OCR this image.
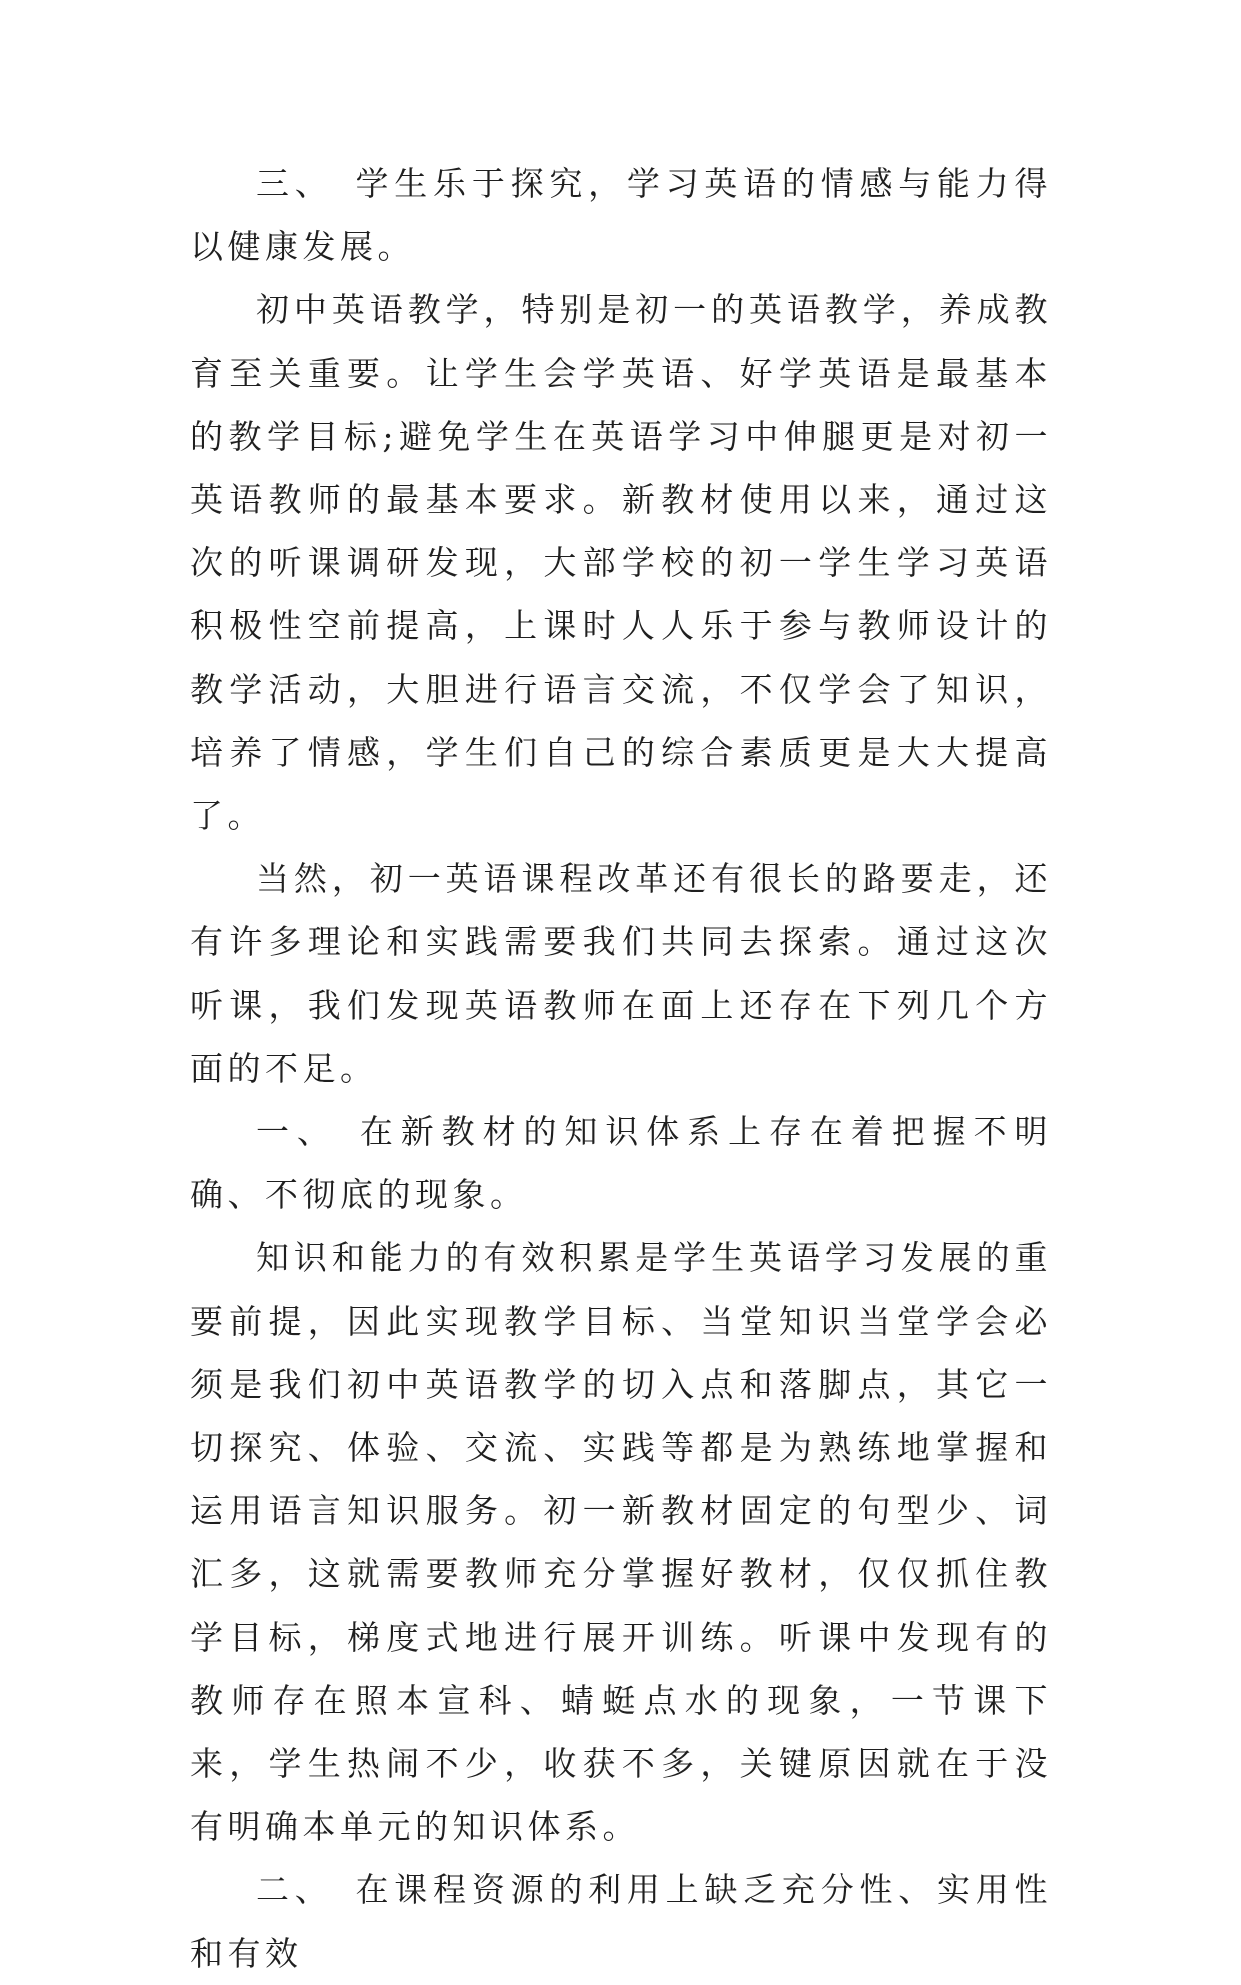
三、 学生乐于探究，学习英语的情感与能力得以健康发展。

初中英语教学，特别是初一的英语教学，养成教育至关重要。让学生会学英语、好学英语是最基本的教学目标;避免学生在英语学习中伸腿更是对初一英语教师的最基本要求。新教材使用以来，通过这次的听课调研发现，大部学校的初一学生学习英语积极性空前提高，上课时人人乐于参与教师设计的教学活动，大胆进行语言交流，不仅学会了知识，培养了情感，学生们自己的综合素质更是大大提高了。

当然，初一英语课程改革还有很长的路要走，还有许多理论和实践需要我们共同去探索。通过这次听课，我们发现英语教师在面上还存在下列几个方面的不足。

一、 在新教材的知识体系上存在着把握不明确、不彻底的现象。

知识和能力的有效积累是学生英语学习发展的重要前提，因此实现教学目标、当堂知识当堂学会必须是我们初中英语教学的切入点和落脚点，其它一切探究、体验、交流、实践等都是为熟练地掌握和运用语言知识服务。初一新教材固定的句型少、词汇多，这就需要教师充分掌握好教材，仅仅抓住教学目标，梯度式地进行展开训练。听课中发现有的教师存在照本宣科、蜻蜓点水的现象，一节课下来，学生热闹不少，收获不多，关键原因就在于没有明确本单元的知识体系。

二、 在课程资源的利用上缺乏充分性、实用性和有效
